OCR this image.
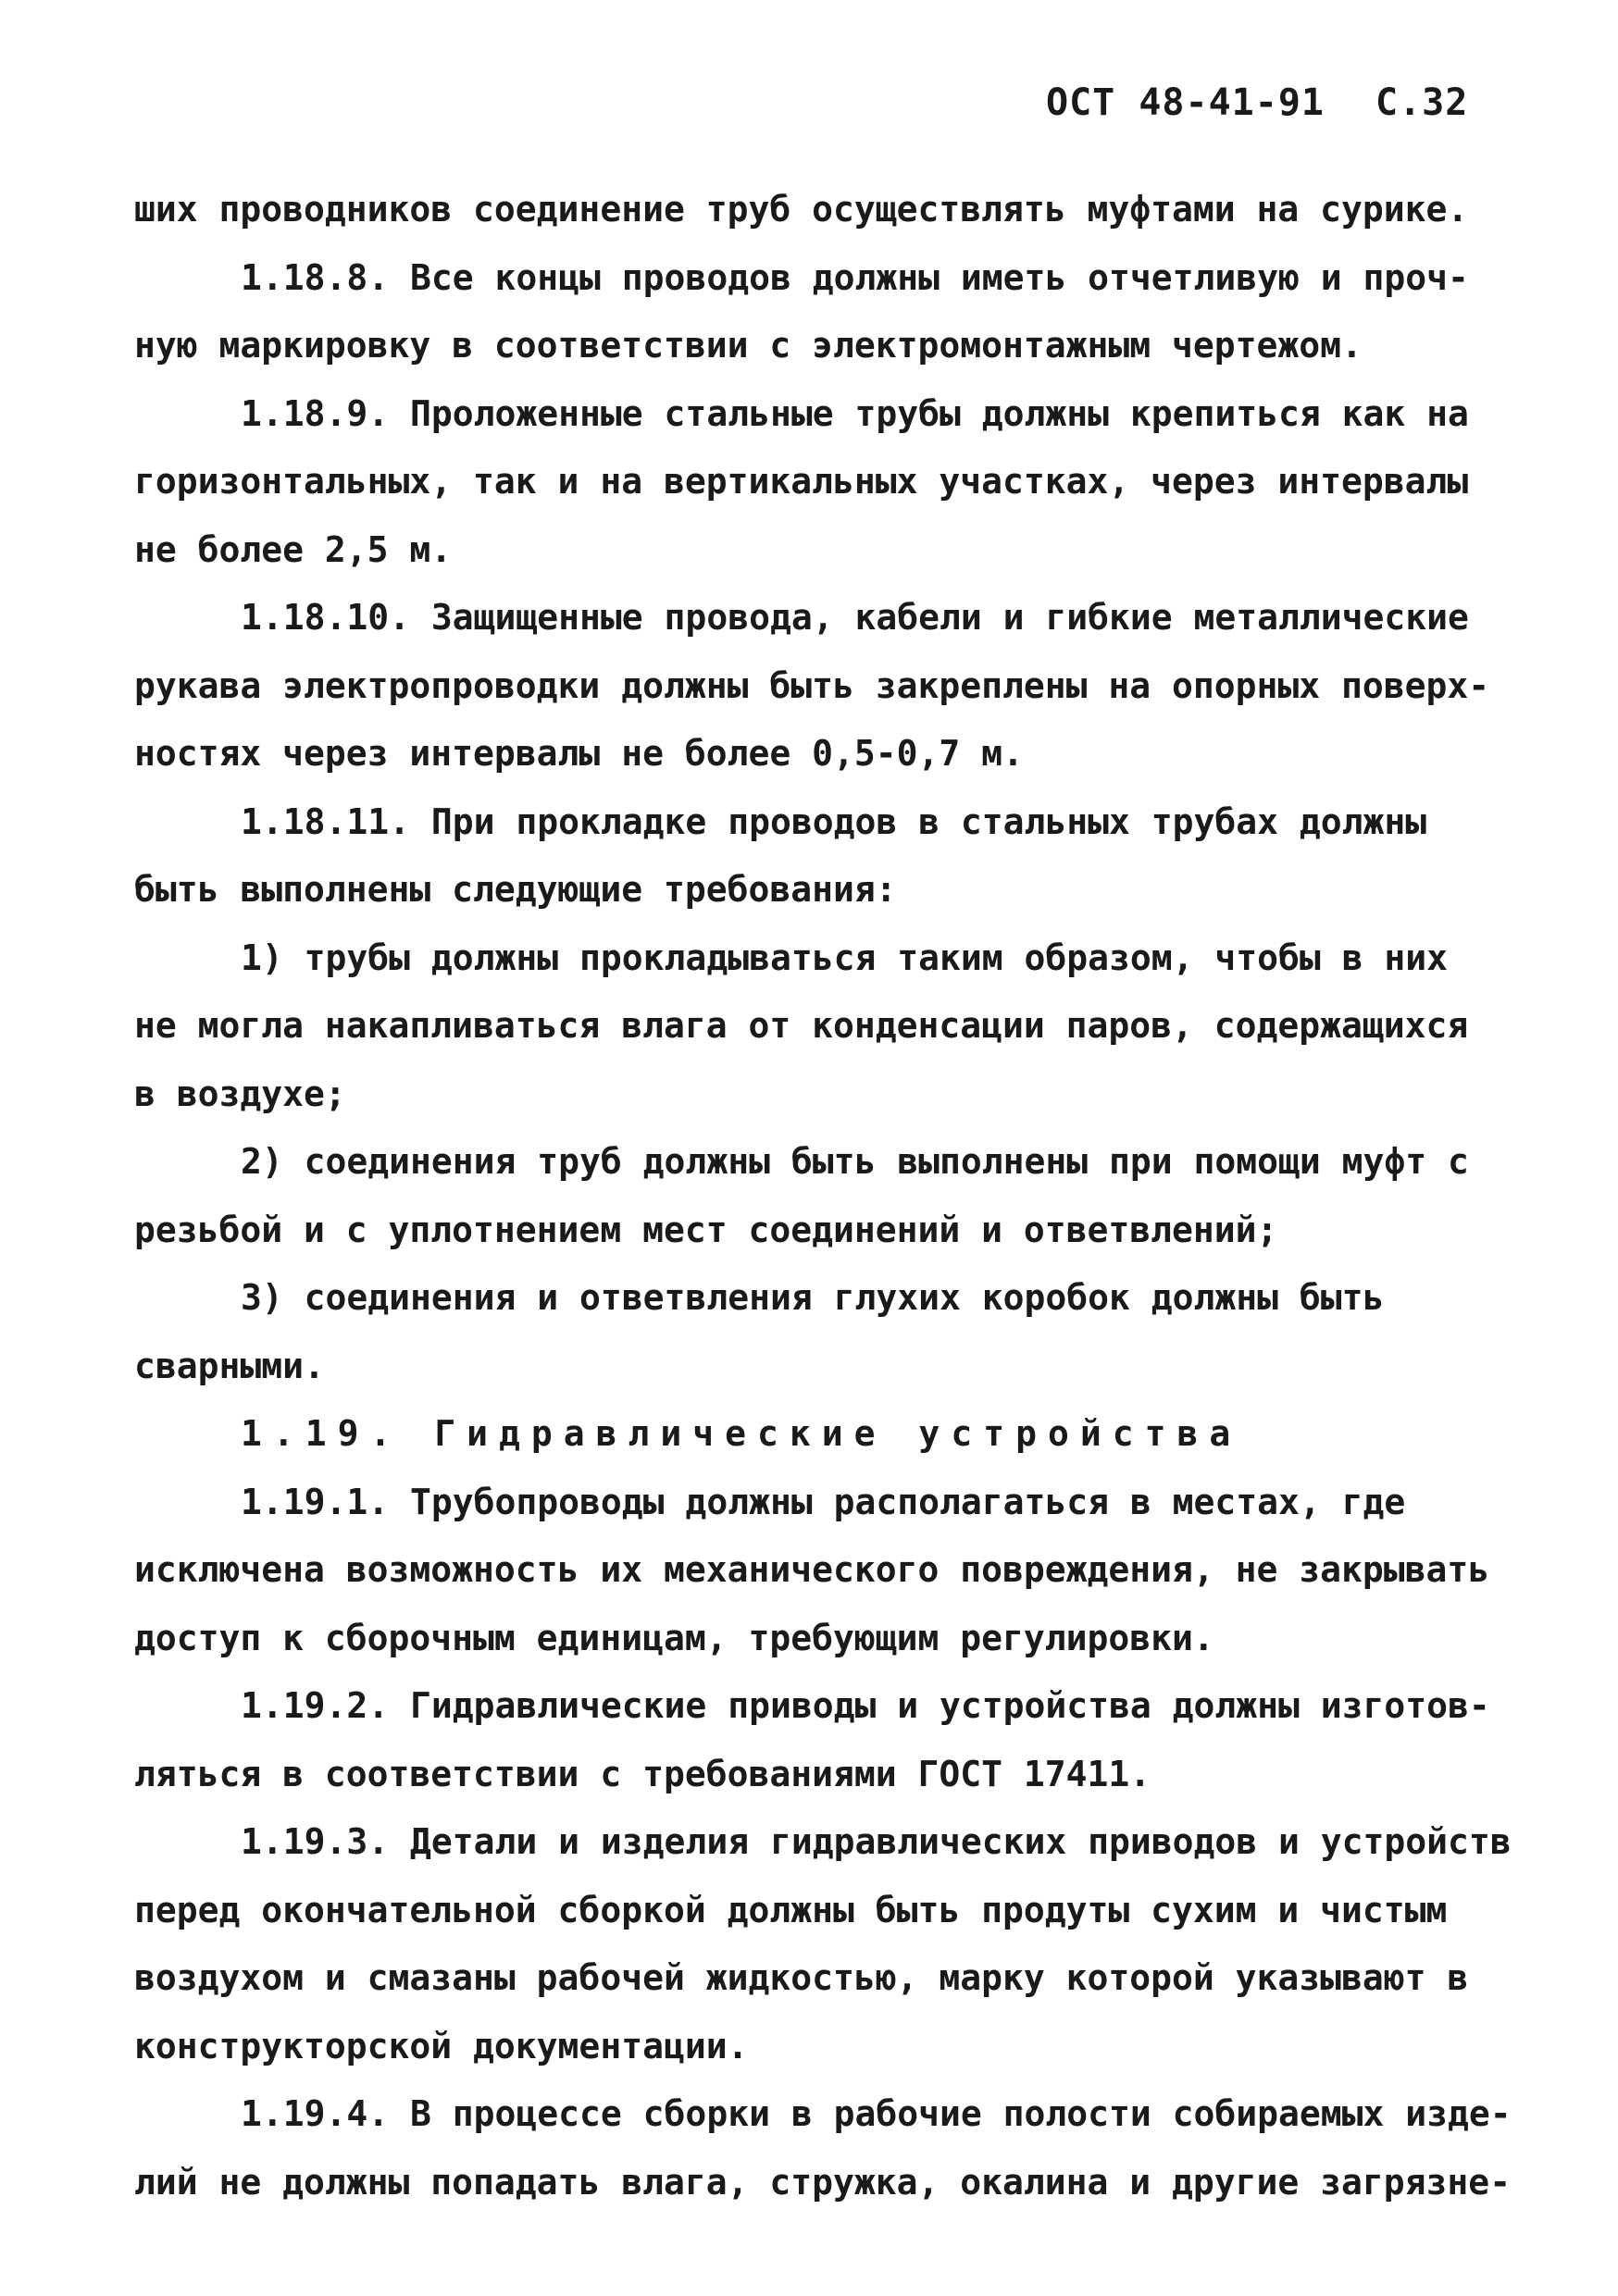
ОСТ 48-41-91 С.32
ших проводников соединение труб осуществлять муфтами на сурике.
1.18.8. Все концы проводов должны иметь отчетливую и проч-
ную маркировку в соответствии с электромонтажным чертежом.
1.18.9. Проложенные стальные трубы должны крепиться как на
горизонтальных, так и на вертикальных участках, через интервалы
не более 2,5 м.
1.18.10. Защищенные провода, кабели и гибкие металлические
рукава электропроводки должны быть закреплены на опорных поверх-
ностях через интервалы не более 0,5-0,7 м.
1.18.11. При прокладке проводов в стальных трубах должны
быть выполнены следующие требования:
1) трубы должны прокладываться таким образом, чтобы в них
не могла накапливаться влага от конденсации паров, содержащихся
в воздухе;
2) соединения труб должны быть выполнены при помощи муфт с
резьбой и с уплотнением мест соединений и ответвлений;
3) соединения и ответвления глухих коробок должны быть
сварными.
1.19. Гидравлические устройства
1.19.1. Трубопроводы должны располагаться в местах, где
исключена возможность их механического повреждения, не закрывать
доступ к сборочным единицам, требующим регулировки.
1.19.2. Гидравлические приводы и устройства должны изготов-
ляться в соответствии с требованиями ГОСТ 17411.
1.19.3. Детали и изделия гидравлических приводов и устройств
перед окончательной сборкой должны быть продуты сухим и чистым
воздухом и смазаны рабочей жидкостью, марку которой указывают в
конструкторской документации.
1.19.4. В процессе сборки в рабочие полости собираемых изде-
лий не должны попадать влага, стружка, окалина и другие загрязне-
